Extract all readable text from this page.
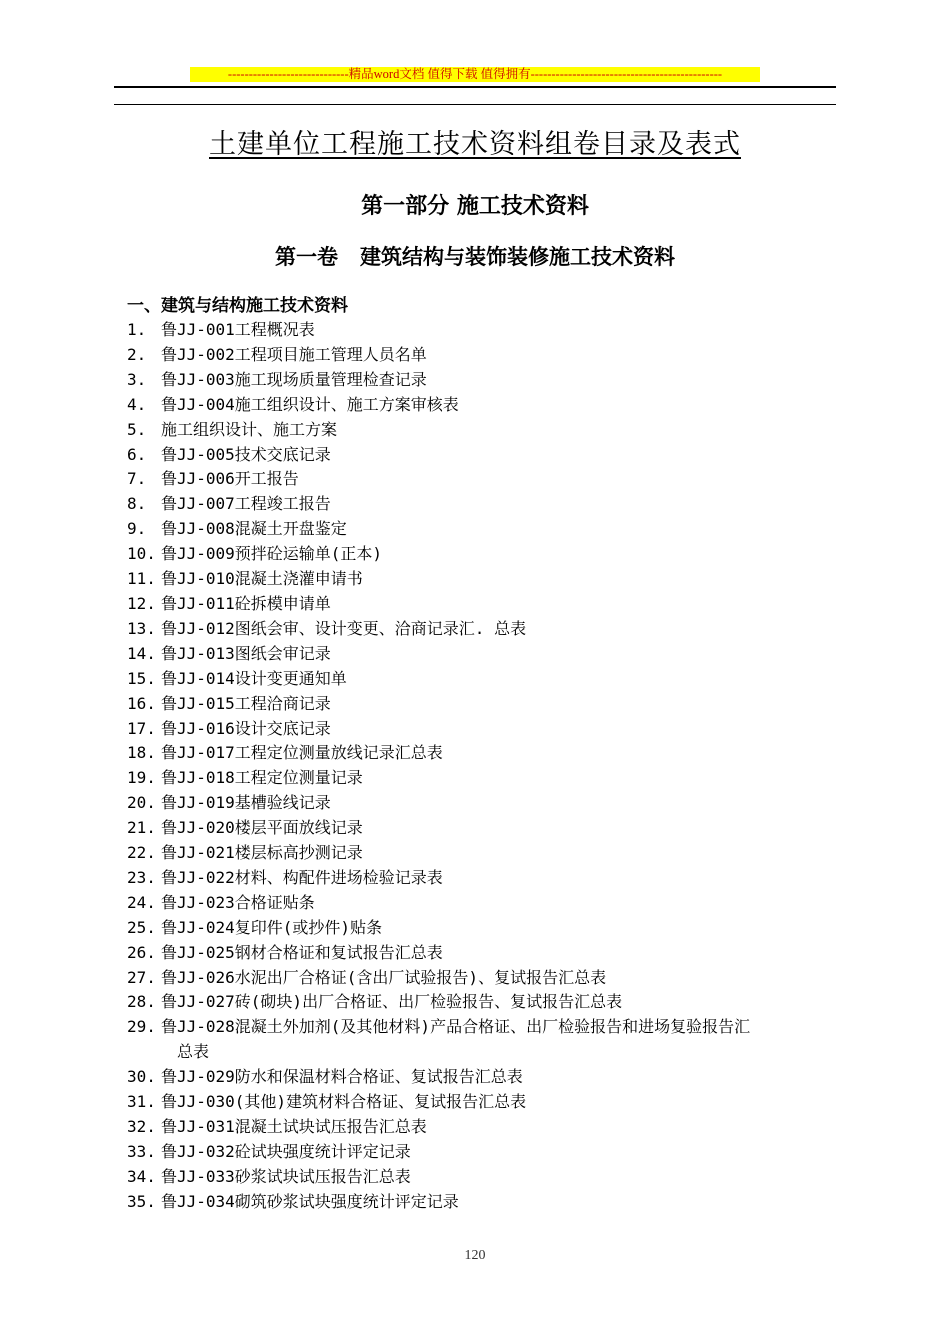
-----------------------------精品word文档 值得下载 值得拥有----------------------------------------------
土建单位工程施工技术资料组卷目录及表式
第一部分 施工技术资料
第一卷   建筑结构与装饰装修施工技术资料
一、建筑与结构施工技术资料
1. 鲁JJ-001工程概况表
2. 鲁JJ-002工程项目施工管理人员名单
3. 鲁JJ-003施工现场质量管理检查记录
4. 鲁JJ-004施工组织设计、施工方案审核表
5. 施工组织设计、施工方案
6. 鲁JJ-005技术交底记录
7. 鲁JJ-006开工报告
8. 鲁JJ-007工程竣工报告
9. 鲁JJ-008混凝土开盘鉴定
10. 鲁JJ-009预拌砼运输单(正本)
11. 鲁JJ-010混凝土浇灌申请书
12. 鲁JJ-011砼拆模申请单
13. 鲁JJ-012图纸会审、设计变更、洽商记录汇. 总表
14. 鲁JJ-013图纸会审记录
15. 鲁JJ-014设计变更通知单
16. 鲁JJ-015工程洽商记录
17. 鲁JJ-016设计交底记录
18. 鲁JJ-017工程定位测量放线记录汇总表
19. 鲁JJ-018工程定位测量记录
20. 鲁JJ-019基槽验线记录
21. 鲁JJ-020楼层平面放线记录
22. 鲁JJ-021楼层标高抄测记录
23. 鲁JJ-022材料、构配件进场检验记录表
24. 鲁JJ-023合格证贴条
25. 鲁JJ-024复印件(或抄件)贴条
26. 鲁JJ-025钢材合格证和复试报告汇总表
27. 鲁JJ-026水泥出厂合格证(含出厂试验报告)、复试报告汇总表
28. 鲁JJ-027砖(砌块)出厂合格证、出厂检验报告、复试报告汇总表
29. 鲁JJ-028混凝土外加剂(及其他材料)产品合格证、出厂检验报告和进场复验报告汇
总表
30. 鲁JJ-029防水和保温材料合格证、复试报告汇总表
31. 鲁JJ-030(其他)建筑材料合格证、复试报告汇总表
32. 鲁JJ-031混凝土试块试压报告汇总表
33. 鲁JJ-032砼试块强度统计评定记录
34. 鲁JJ-033砂浆试块试压报告汇总表
35. 鲁JJ-034砌筑砂浆试块强度统计评定记录
120
